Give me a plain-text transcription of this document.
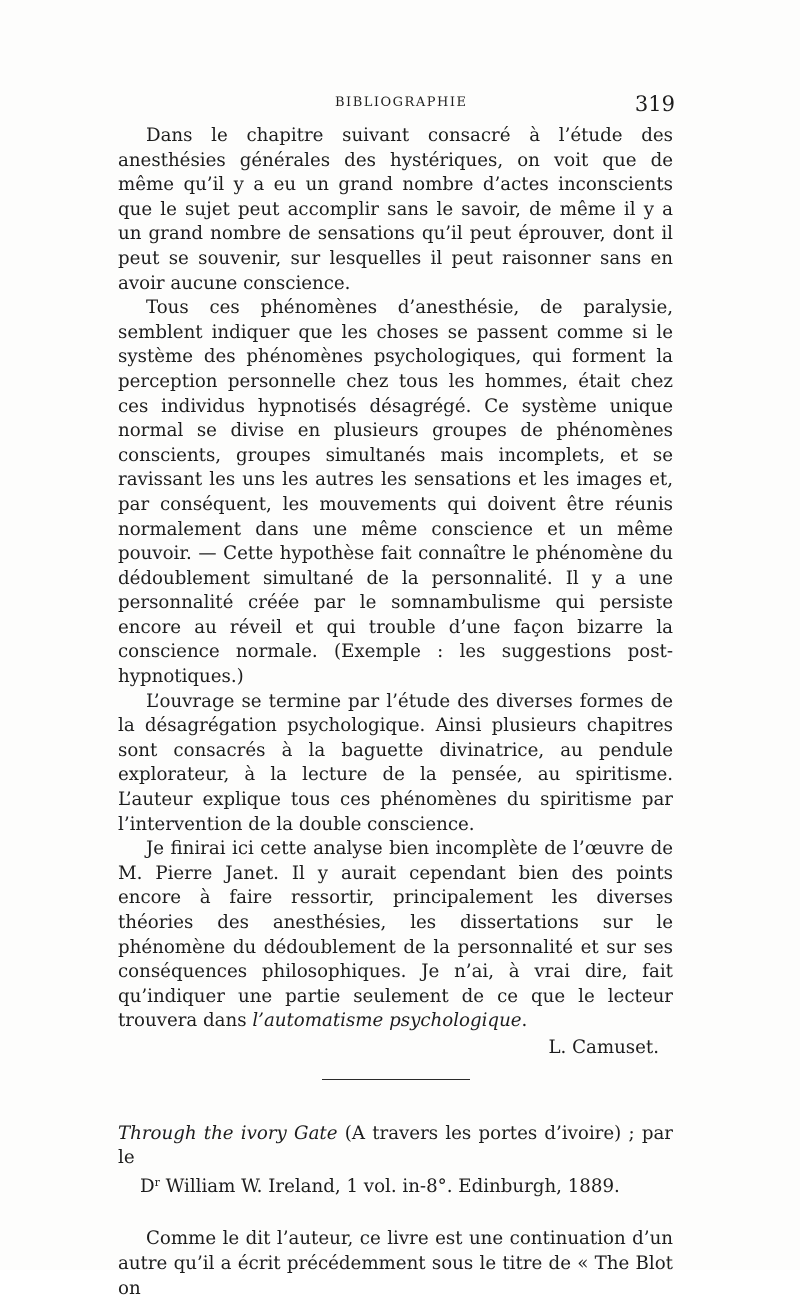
BIBLIOGRAPHIE	319

Dans le chapitre suivant consacré à l’étude des anesthésies générales des hystériques, on voit que de même qu’il y a eu un grand nombre d’actes inconscients que le sujet peut accomplir sans le savoir, de même il y a un grand nombre de sensations qu’il peut éprouver, dont il peut se souvenir, sur lesquelles il peut raisonner sans en avoir aucune conscience.

Tous ces phénomènes d’anesthésie, de paralysie, semblent indiquer que les choses se passent comme si le système des phénomènes psychologiques, qui forment la perception personnelle chez tous les hommes, était chez ces individus hypnotisés désagrégé. Ce système unique normal se divise en plusieurs groupes de phénomènes conscients, groupes simultanés mais incomplets, et se ravissant les uns les autres les sensations et les images et, par conséquent, les mouvements qui doivent être réunis normalement dans une même conscience et un même pouvoir. — Cette hypothèse fait connaître le phénomène du dédoublement simultané de la personnalité. Il y a une personnalité créée par le somnambulisme qui persiste encore au réveil et qui trouble d’une façon bizarre la conscience normale. (Exemple : les suggestions post-hypnotiques.)

L’ouvrage se termine par l’étude des diverses formes de la désagrégation psychologique. Ainsi plusieurs chapitres sont consacrés à la baguette divinatrice, au pendule explorateur, à la lecture de la pensée, au spiritisme. L’auteur explique tous ces phénomènes du spiritisme par l’intervention de la double conscience.

Je finirai ici cette analyse bien incomplète de l’œuvre de M. Pierre Janet. Il y aurait cependant bien des points encore à faire ressortir, principalement les diverses théories des anesthésies, les dissertations sur le phénomène du dédoublement de la personnalité et sur ses conséquences philosophiques. Je n’ai, à vrai dire, fait qu’indiquer une partie seulement de ce que le lecteur trouvera dans l’automatisme psychologique.

L. Camuset.
Through the ivory Gate (A travers les portes d’ivoire) ; par le
$D^r$ William W. Ireland, 1 vol. in-8°. Edinburgh, 1889.

Comme le dit l’auteur, ce livre est une continuation d’un autre qu’il a écrit précédemment sous le titre de « The Blot on
